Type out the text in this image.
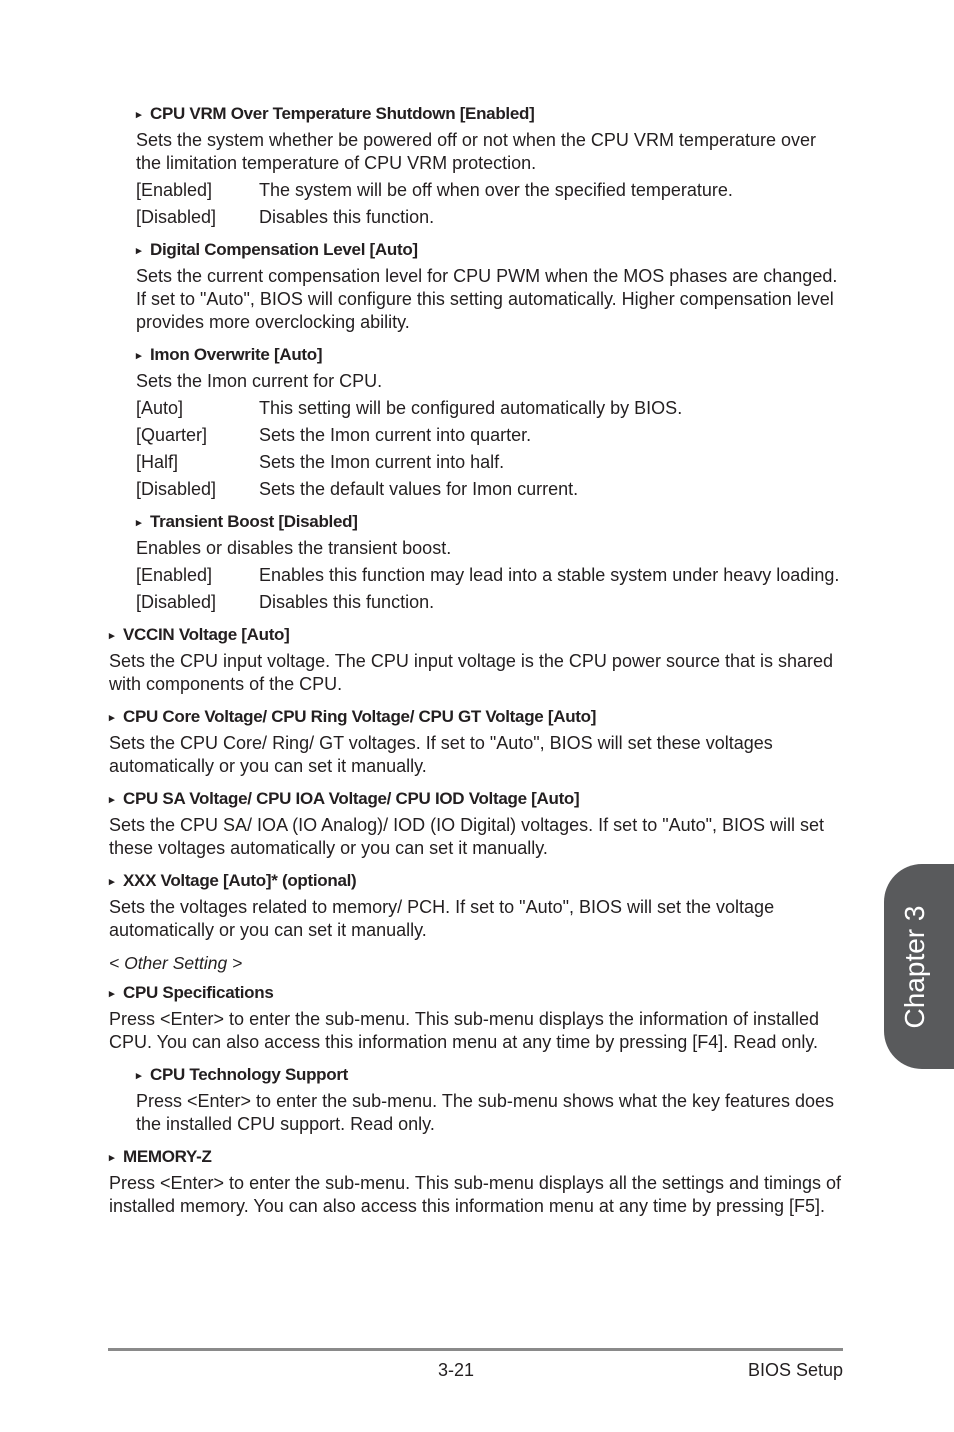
▸ CPU VRM Over Temperature Shutdown [Enabled]
Sets the system whether be powered off or not when the CPU VRM temperature over the limitation temperature of CPU VRM protection.
[Enabled]	The system will be off when over the specified temperature.
[Disabled]	Disables this function.
▸ Digital Compensation Level [Auto]
Sets the current compensation level for CPU PWM when the MOS phases are changed. If set to "Auto", BIOS will configure this setting automatically. Higher compensation level provides more overclocking ability.
▸ Imon Overwrite [Auto]
Sets the Imon current for CPU.
[Auto]	This setting will be configured automatically by BIOS.
[Quarter]	Sets the Imon current into quarter.
[Half]	Sets the Imon current into half.
[Disabled]	Sets the default values for Imon current.
▸ Transient Boost [Disabled]
Enables or disables the transient boost.
[Enabled]	Enables this function may lead into a stable system under heavy loading.
[Disabled]	Disables this function.
▸ VCCIN Voltage [Auto]
Sets the CPU input voltage. The CPU input voltage is the CPU power source that is shared with components of the CPU.
▸ CPU Core Voltage/ CPU Ring Voltage/ CPU GT Voltage [Auto]
Sets the CPU Core/ Ring/ GT voltages. If set to "Auto", BIOS will set these voltages automatically or you can set it manually.
▸ CPU SA Voltage/ CPU IOA Voltage/ CPU IOD Voltage [Auto]
Sets the CPU SA/ IOA (IO Analog)/ IOD (IO Digital) voltages. If set to "Auto", BIOS will set these voltages automatically or you can set it manually.
▸ XXX Voltage [Auto]* (optional)
Sets the voltages related to memory/ PCH. If set to "Auto", BIOS will set the voltage automatically or you can set it manually.
< Other Setting >
▸ CPU Specifications
Press <Enter> to enter the sub-menu. This sub-menu displays the information of installed CPU. You can also access this information menu at any time by pressing [F4]. Read only.
▸ CPU Technology Support
Press <Enter> to enter the sub-menu. The sub-menu shows what the key features does the installed CPU support. Read only.
▸ MEMORY-Z
Press <Enter> to enter the sub-menu. This sub-menu displays all the settings and timings of installed memory. You can also access this information menu at any time by pressing [F5].
3-21	BIOS Setup
Chapter 3
